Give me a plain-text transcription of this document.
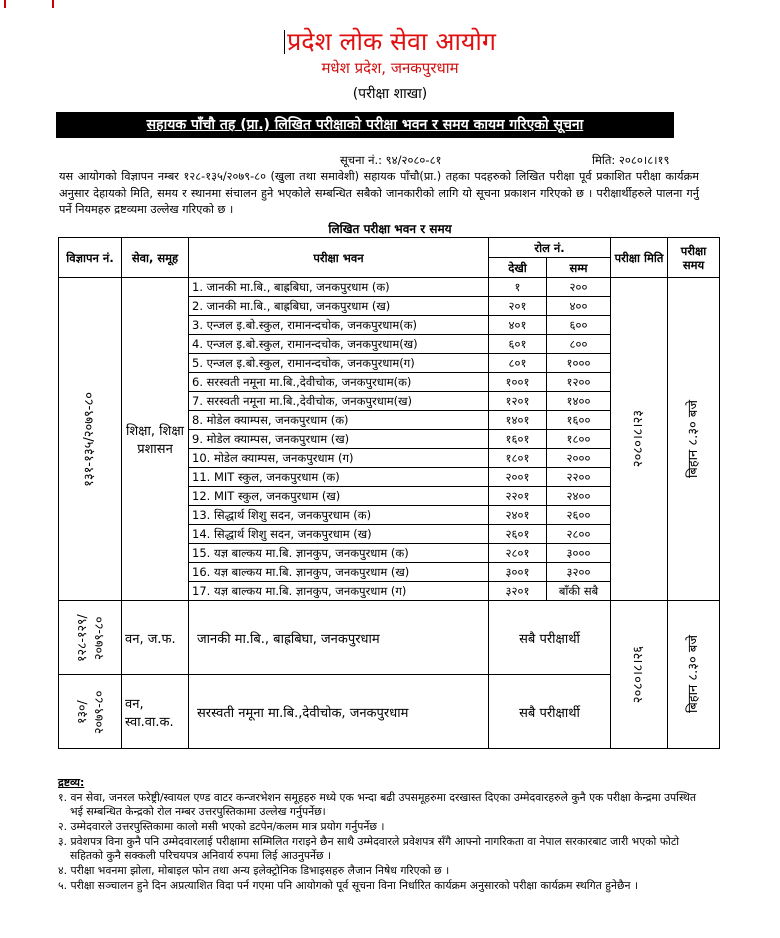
प्रदेश लोक सेवा आयोग
मधेश प्रदेश, जनकपुरधाम
(परीक्षा शाखा)
सहायक पाँचौ तह (प्रा.) लिखित परीक्षाको परीक्षा भवन र समय कायम गरिएको सूचना
सूचना नं.: ९४/२०८०-८१	मिति: २०८०।८।१९
यस आयोगको विज्ञापन नम्बर १२८-१३५/२०७९-८० (खुला तथा समावेशी) सहायक पाँचौ(प्रा.) तहका पदहरुको लिखित परीक्षा पूर्व प्रकाशित परीक्षा कार्यक्रम अनुसार देहायको मिति, समय र स्थानमा संचालन हुने भएकोले सम्बन्धित सबैको जानकारीको लागि यो सूचना प्रकाशन गरिएको छ । परीक्षार्थीहरुले पालना गर्नु पर्ने नियमहरु द्रष्टव्यमा उल्लेख गरिएको छ ।
लिखित परीक्षा भवन र समय
विज्ञापन नं.	सेवा, समूह	परीक्षा भवन	रोल नं.		परीक्षा मिति	परीक्षा समय
			देखी	सम्म		

१३१-१३५/२०७९-८०	शिक्षा, शिक्षा प्रशासन	1. जानकी मा.बि., बाह्रबिघा, जनकपुरधाम (क)	१	२००	२०८०।८।२३	बिहान ८.३० बजे

		2. जानकी मा.बि., बाह्रबिघा, जनकपुरधाम (ख)	२०१	४००		
		3. एन्जल इ.बो.स्कुल, रामानन्दचोक, जनकपुरधाम(क)	४०१	६००		
		4. एन्जल इ.बो.स्कुल, रामानन्दचोक, जनकपुरधाम(ख)	६०१	८००		
		5. एन्जल इ.बो.स्कुल, रामानन्दचोक, जनकपुरधाम(ग)	८०१	१०००		
		6. सरस्वती नमूना मा.बि.,देवीचोक, जनकपुरधाम(क)	१००१	१२००		
		7. सरस्वती नमूना मा.बि.,देवीचोक, जनकपुरधाम(ख)	१२०१	१४००		
		8. मोडेल क्याम्पस, जनकपुरधाम (क)	१४०१	१६००		
		9. मोडेल क्याम्पस, जनकपुरधाम (ख)	१६०१	१८००		
		10. मोडेल क्याम्पस, जनकपुरधाम (ग)	१८०१	२०००		
		11. MIT स्कुल, जनकपुरधाम (क)	२००१	२२००		
		12. MIT स्कुल, जनकपुरधाम (ख)	२२०१	२४००		
		13. सिद्धार्थ शिशु सदन, जनकपुरधाम (क)	२४०१	२६००		
		14. सिद्धार्थ शिशु सदन, जनकपुरधाम (ख)	२६०१	२८००		
		15. यज्ञ बाल्कय मा.बि. ज्ञानकुप, जनकपुरधाम (क)	२८०१	३०००		
		16. यज्ञ बाल्कय मा.बि. ज्ञानकुप, जनकपुरधाम (ख)	३००१	३२००		
		17. यज्ञ बाल्कय मा.बि. ज्ञानकुप, जनकपुरधाम (ग)	३२०१	बाँकी सबै		

१२८-१२९/ २०७९-८०	वन, ज.फ.	जानकी मा.बि., बाह्रबिघा, जनकपुरधाम	सबै परीक्षार्थी		२०८०।८।२६	बिहान ८.३० बजे

१३०/ २०७९-८०	वन, स्वा.वा.क.	सरस्वती नमूना मा.बि.,देवीचोक, जनकपुरधाम	सबै परीक्षार्थी			
द्रष्टव्य:
१. वन सेवा, जनरल फरेष्ट्री/स्वायल एण्ड वाटर कन्जरभेशन समूहहरु मध्ये एक भन्दा बढी उपसमूहरुमा दरखास्त दिएका उम्मेदवारहरुले कुनै एक परीक्षा केन्द्रमा उपस्थित भई सम्बन्धित केन्द्रको रोल नम्बर उत्तरपुस्तिकामा उल्लेख गर्नुपर्नेछ।
२. उम्मेदवारले उत्तरपुस्तिकामा कालो मसी भएको डटपेन/कलम मात्र प्रयोग गर्नुपर्नेछ ।
३. प्रवेशपत्र विना कुनै पनि उम्मेदवारलाई परीक्षामा सम्मिलित गराइने छैन साथै उम्मेदवारले प्रवेशपत्र सँगै आफ्नो नागरिकता वा नेपाल सरकारबाट जारी भएको फोटो सहितको कुनै सक्कली परिचयपत्र अनिवार्य रुपमा लिई आउनुपर्नेछ ।
४. परीक्षा भवनमा झोला, मोबाइल फोन तथा अन्य इलेक्ट्रोनिक डिभाइसहरु लैजान निषेध गरिएको छ ।
५. परीक्षा सञ्चालन हुने दिन अप्रत्याशित विदा पर्न गएमा पनि आयोगको पूर्व सूचना विना निर्धारित कार्यक्रम अनुसारको परीक्षा कार्यक्रम स्थगित हुनेछैन ।
